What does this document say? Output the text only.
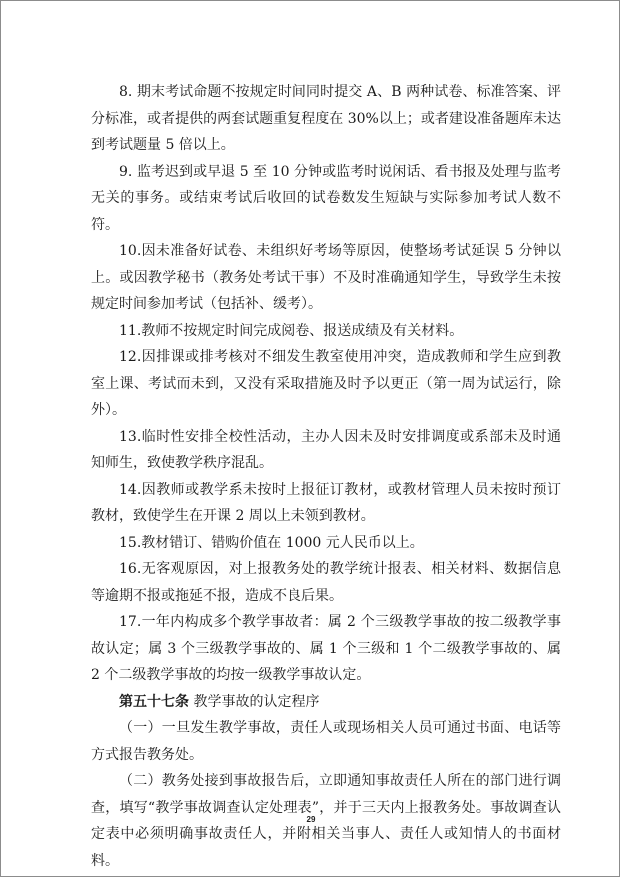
8. 期末考试命题不按规定时间同时提交 A、B 两种试卷、标准答案、评分标准，或者提供的两套试题重复程度在 30%以上；或者建设准备题库未达到考试题量 5 倍以上。

9. 监考迟到或早退 5 至 10 分钟或监考时说闲话、看书报及处理与监考无关的事务。或结束考试后收回的试卷数发生短缺与实际参加考试人数不符。

10.因未准备好试卷、未组织好考场等原因，使整场考试延误 5 分钟以上。或因教学秘书（教务处考试干事）不及时准确通知学生，导致学生未按规定时间参加考试（包括补、缓考）。

11.教师不按规定时间完成阅卷、报送成绩及有关材料。

12.因排课或排考核对不细发生教室使用冲突，造成教师和学生应到教室上课、考试而未到，又没有采取措施及时予以更正（第一周为试运行，除外）。

13.临时性安排全校性活动，主办人因未及时安排调度或系部未及时通知师生，致使教学秩序混乱。

14.因教师或教学系未按时上报征订教材，或教材管理人员未按时预订教材，致使学生在开课 2 周以上未领到教材。

15.教材错订、错购价值在 1000 元人民币以上。

16.无客观原因，对上报教务处的教学统计报表、相关材料、数据信息等逾期不报或拖延不报，造成不良后果。

17.一年内构成多个教学事故者：属 2 个三级教学事故的按二级教学事故认定；属 3 个三级教学事故的、属 1 个三级和 1 个二级教学事故的、属 2 个二级教学事故的均按一级教学事故认定。

第五十七条 教学事故的认定程序

（一）一旦发生教学事故，责任人或现场相关人员可通过书面、电话等方式报告教务处。

（二）教务处接到事故报告后，立即通知事故责任人所在的部门进行调查，填写“教学事故调查认定处理表”，并于三天内上报教务处。事故调查认定表中必须明确事故责任人，并附相关当事人、责任人或知情人的书面材料。

29
